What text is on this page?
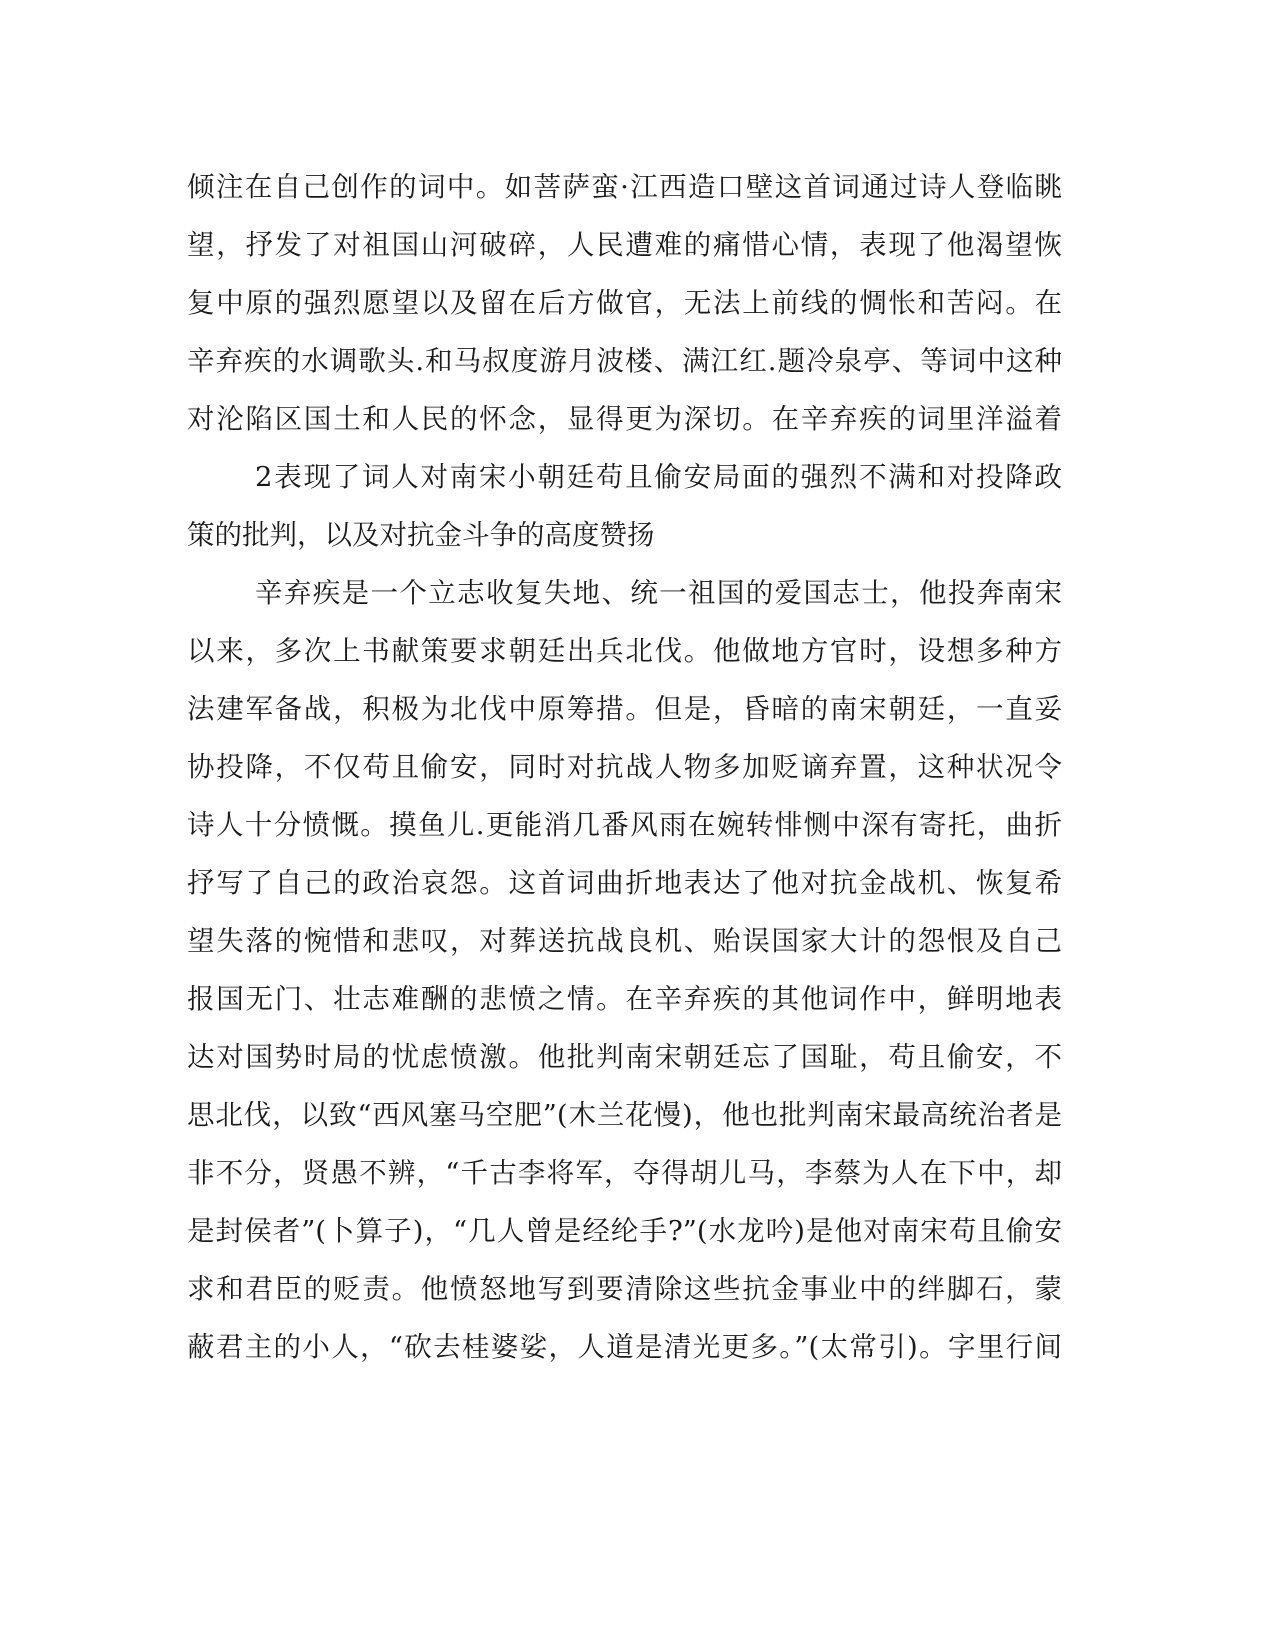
倾注在自己创作的词中。如菩萨蛮·江西造口壁这首词通过诗人登临眺
望，抒发了对祖国山河破碎，人民遭难的痛惜心情，表现了他渴望恢
复中原的强烈愿望以及留在后方做官，无法上前线的惆怅和苦闷。在
辛弃疾的水调歌头.和马叔度游月波楼、满江红.题冷泉亭、等词中这种
对沦陷区国土和人民的怀念，显得更为深切。在辛弃疾的词里洋溢着
2表现了词人对南宋小朝廷苟且偷安局面的强烈不满和对投降政
策的批判，以及对抗金斗争的高度赞扬
辛弃疾是一个立志收复失地、统一祖国的爱国志士，他投奔南宋
以来，多次上书献策要求朝廷出兵北伐。他做地方官时，设想多种方
法建军备战，积极为北伐中原筹措。但是，昏暗的南宋朝廷，一直妥
协投降，不仅苟且偷安，同时对抗战人物多加贬谪弃置，这种状况令
诗人十分愤慨。摸鱼儿.更能消几番风雨在婉转悱恻中深有寄托，曲折
抒写了自己的政治哀怨。这首词曲折地表达了他对抗金战机、恢复希
望失落的惋惜和悲叹，对葬送抗战良机、贻误国家大计的怨恨及自己
报国无门、壮志难酬的悲愤之情。在辛弃疾的其他词作中，鲜明地表
达对国势时局的忧虑愤激。他批判南宋朝廷忘了国耻，苟且偷安，不
思北伐，以致“西风塞马空肥”(木兰花慢)，他也批判南宋最高统治者是
非不分，贤愚不辨，“千古李将军，夺得胡儿马，李蔡为人在下中，却
是封侯者”(卜算子)，“几人曾是经纶手?”(水龙吟)是他对南宋苟且偷安
求和君臣的贬责。他愤怒地写到要清除这些抗金事业中的绊脚石，蒙
蔽君主的小人，“砍去桂婆娑，人道是清光更多。”(太常引)。字里行间
